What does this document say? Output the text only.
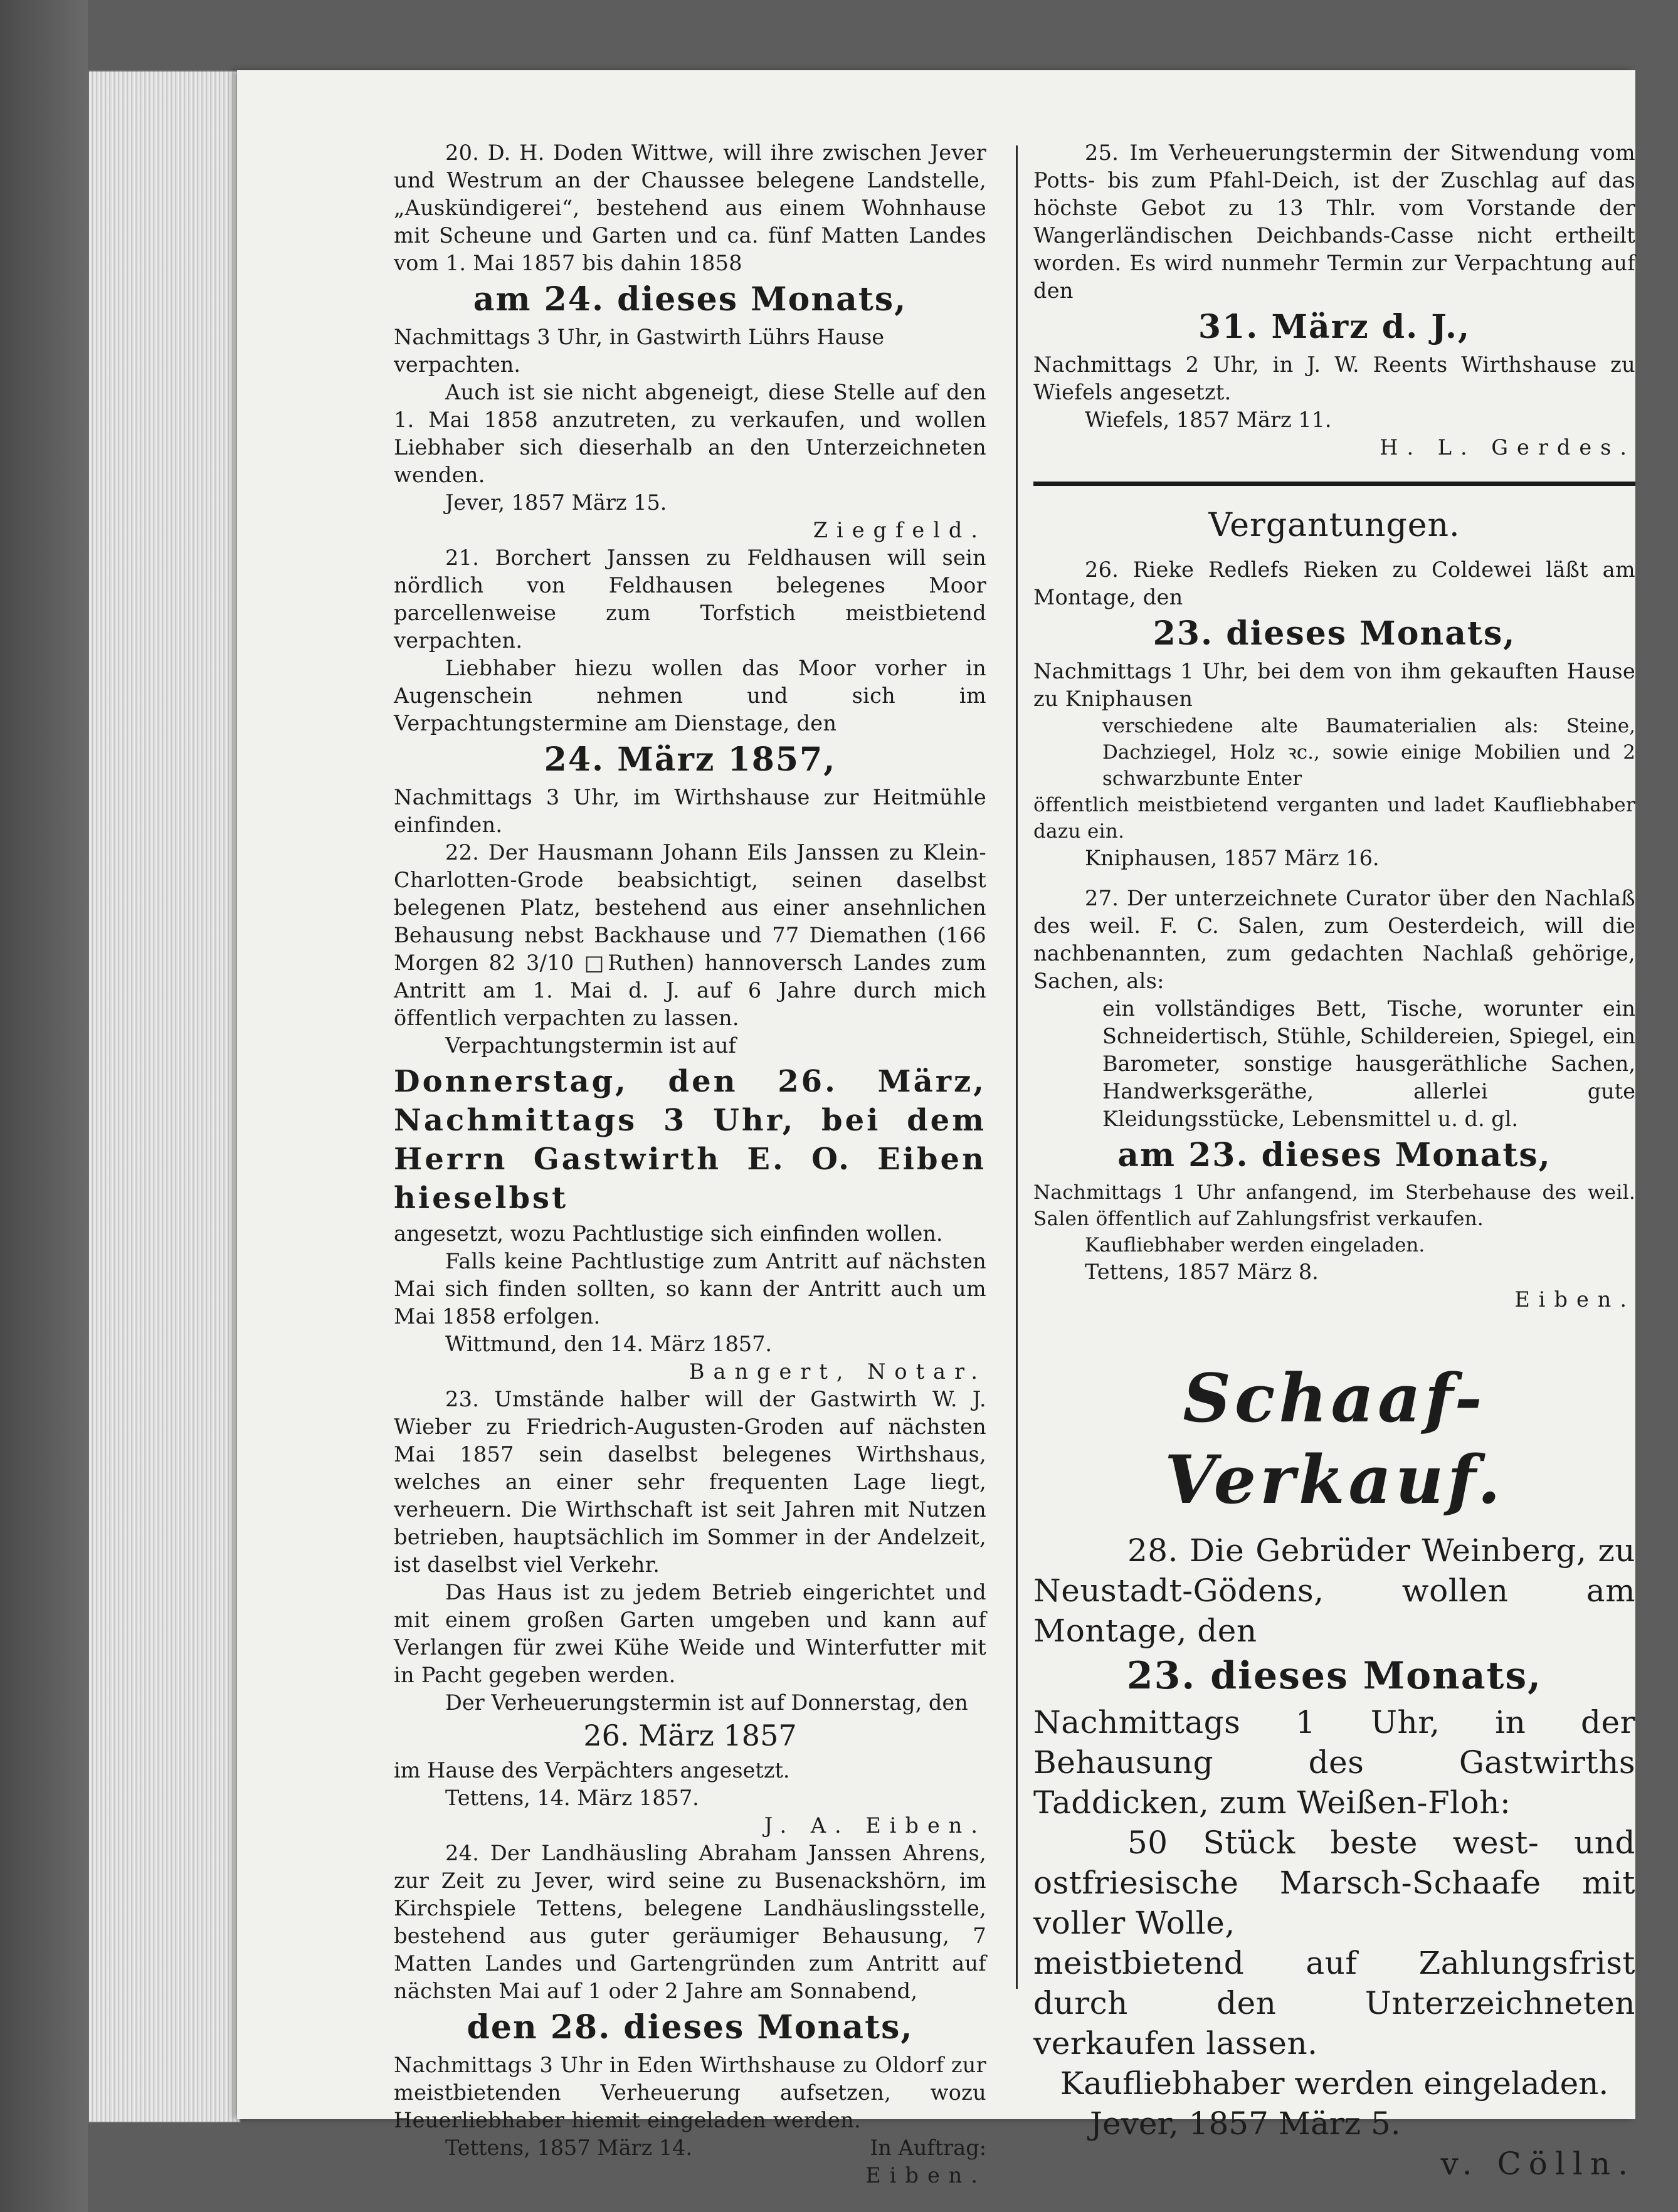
20. D. H. Doden Wittwe, will ihre zwischen Jever und Westrum an der Chaussee belegene Landstelle, „Auskündigerei“, bestehend aus einem Wohnhause mit Scheune und Garten und ca. fünf Matten Landes vom 1. Mai 1857 bis dahin 1858

am 24. dieses Monats,

Nachmittags 3 Uhr, in Gastwirth Lührs Hause verpachten.

Auch ist sie nicht abgeneigt, diese Stelle auf den 1. Mai 1858 anzutreten, zu verkaufen, und wollen Liebhaber sich dieserhalb an den Unterzeichneten wenden.

Jever, 1857 März 15.

Ziegfeld.

21. Borchert Janssen zu Feldhausen will sein nördlich von Feldhausen belegenes Moor parcellenweise zum Torfstich meistbietend verpachten.

Liebhaber hiezu wollen das Moor vorher in Augenschein nehmen und sich im Verpachtungstermine am Dienstage, den

24. März 1857,

Nachmittags 3 Uhr, im Wirthshause zur Heitmühle einfinden.

22. Der Hausmann Johann Eils Janssen zu Klein-Charlotten-Grode beabsichtigt, seinen daselbst belegenen Platz, bestehend aus einer ansehnlichen Behausung nebst Backhause und 77 Diemathen (166 Morgen 82 3/10 □Ruthen) hannoversch Landes zum Antritt am 1. Mai d. J. auf 6 Jahre durch mich öffentlich verpachten zu lassen.

Verpachtungstermin ist auf

Donnerstag, den 26. März, Nachmittags 3 Uhr, bei dem Herrn Gastwirth E. O. Eiben hieselbst

angesetzt, wozu Pachtlustige sich einfinden wollen.

Falls keine Pachtlustige zum Antritt auf nächsten Mai sich finden sollten, so kann der Antritt auch um Mai 1858 erfolgen.

Wittmund, den 14. März 1857.

Bangert, Notar.

23. Umstände halber will der Gastwirth W. J. Wieber zu Friedrich-Augusten-Groden auf nächsten Mai 1857 sein daselbst belegenes Wirthshaus, welches an einer sehr frequenten Lage liegt, verheuern. Die Wirthschaft ist seit Jahren mit Nutzen betrieben, hauptsächlich im Sommer in der Andelzeit, ist daselbst viel Verkehr.

Das Haus ist zu jedem Betrieb eingerichtet und mit einem großen Garten umgeben und kann auf Verlangen für zwei Kühe Weide und Winterfutter mit in Pacht gegeben werden.

Der Verheuerungstermin ist auf Donnerstag, den

26. März 1857

im Hause des Verpächters angesetzt.

Tettens, 14. März 1857.

J. A. Eiben.

24. Der Landhäusling Abraham Janssen Ahrens, zur Zeit zu Jever, wird seine zu Busenackshörn, im Kirchspiele Tettens, belegene Landhäuslingsstelle, bestehend aus guter geräumiger Behausung, 7 Matten Landes und Gartengründen zum Antritt auf nächsten Mai auf 1 oder 2 Jahre am Sonnabend,

den 28. dieses Monats,

Nachmittags 3 Uhr in Eden Wirthshause zu Oldorf zur meistbietenden Verheuerung aufsetzen, wozu Heuerliebhaber hiemit eingeladen werden.

Tettens, 1857 März 14.	In Auftrag:

Eiben.

25. Im Verheuerungstermin der Sitwendung vom Potts- bis zum Pfahl-Deich, ist der Zuschlag auf das höchste Gebot zu 13 Thlr. vom Vorstande der Wangerländischen Deichbands-Casse nicht ertheilt worden. Es wird nunmehr Termin zur Verpachtung auf den

31. März d. J.,

Nachmittags 2 Uhr, in J. W. Reents Wirthshause zu Wiefels angesetzt.

Wiefels, 1857 März 11.

H. L. Gerdes.

Vergantungen.

26. Rieke Redlefs Rieken zu Coldewei läßt am Montage, den

23. dieses Monats,

Nachmittags 1 Uhr, bei dem von ihm gekauften Hause zu Kniphausen

verschiedene alte Baumaterialien als: Steine, Dachziegel, Holz ꝛc., sowie einige Mobilien und 2 schwarzbunte Enter

öffentlich meistbietend verganten und ladet Kaufliebhaber dazu ein.

Kniphausen, 1857 März 16.

27. Der unterzeichnete Curator über den Nachlaß des weil. F. C. Salen, zum Oesterdeich, will die nachbenannten, zum gedachten Nachlaß gehörige, Sachen, als:

ein vollständiges Bett, Tische, worunter ein Schneidertisch, Stühle, Schildereien, Spiegel, ein Barometer, sonstige hausgeräthliche Sachen, Handwerksgeräthe, allerlei gute Kleidungsstücke, Lebensmittel u. d. gl.

am 23. dieses Monats,

Nachmittags 1 Uhr anfangend, im Sterbehause des weil. Salen öffentlich auf Zahlungsfrist verkaufen.

Kaufliebhaber werden eingeladen.

Tettens, 1857 März 8.

Eiben.

Schaaf-Verkauf.

28. Die Gebrüder Weinberg, zu Neustadt-Gödens, wollen am Montage, den

23. dieses Monats,

Nachmittags 1 Uhr, in der Behausung des Gastwirths Taddicken, zum Weißen-Floh:

50 Stück beste west- und ostfriesische Marsch-Schaafe mit voller Wolle,

meistbietend auf Zahlungsfrist durch den Unterzeichneten verkaufen lassen.

Kaufliebhaber werden eingeladen.

Jever, 1857 März 5.

v. Cölln.
